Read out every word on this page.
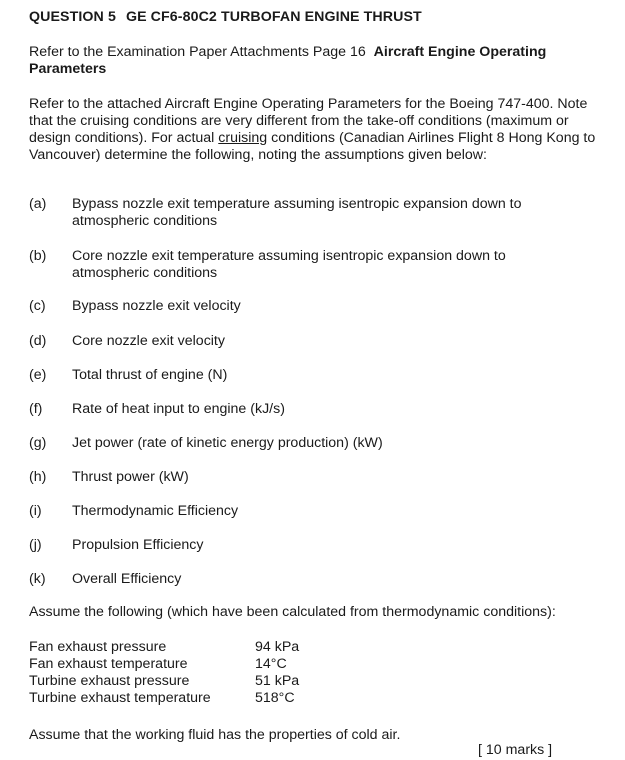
QUESTION 5 GE CF6-80C2 TURBOFAN ENGINE THRUST
Refer to the Examination Paper Attachments Page 16 Aircraft Engine Operating Parameters
Refer to the attached Aircraft Engine Operating Parameters for the Boeing 747-400. Note that the cruising conditions are very different from the take-off conditions (maximum or design conditions). For actual cruising conditions (Canadian Airlines Flight 8 Hong Kong to Vancouver) determine the following, noting the assumptions given below:
(a)	Bypass nozzle exit temperature assuming isentropic expansion down to atmospheric conditions
(b)	Core nozzle exit temperature assuming isentropic expansion down to atmospheric conditions
(c)	Bypass nozzle exit velocity
(d)	Core nozzle exit velocity
(e)	Total thrust of engine (N)
(f)	Rate of heat input to engine (kJ/s)
(g)	Jet power (rate of kinetic energy production) (kW)
(h)	Thrust power (kW)
(i)	Thermodynamic Efficiency
(j)	Propulsion Efficiency
(k)	Overall Efficiency
Assume the following (which have been calculated from thermodynamic conditions):
Fan exhaust pressure	94 kPa
Fan exhaust temperature	14°C
Turbine exhaust pressure	51 kPa
Turbine exhaust temperature	518°C
Assume that the working fluid has the properties of cold air.
[ 10 marks ]
